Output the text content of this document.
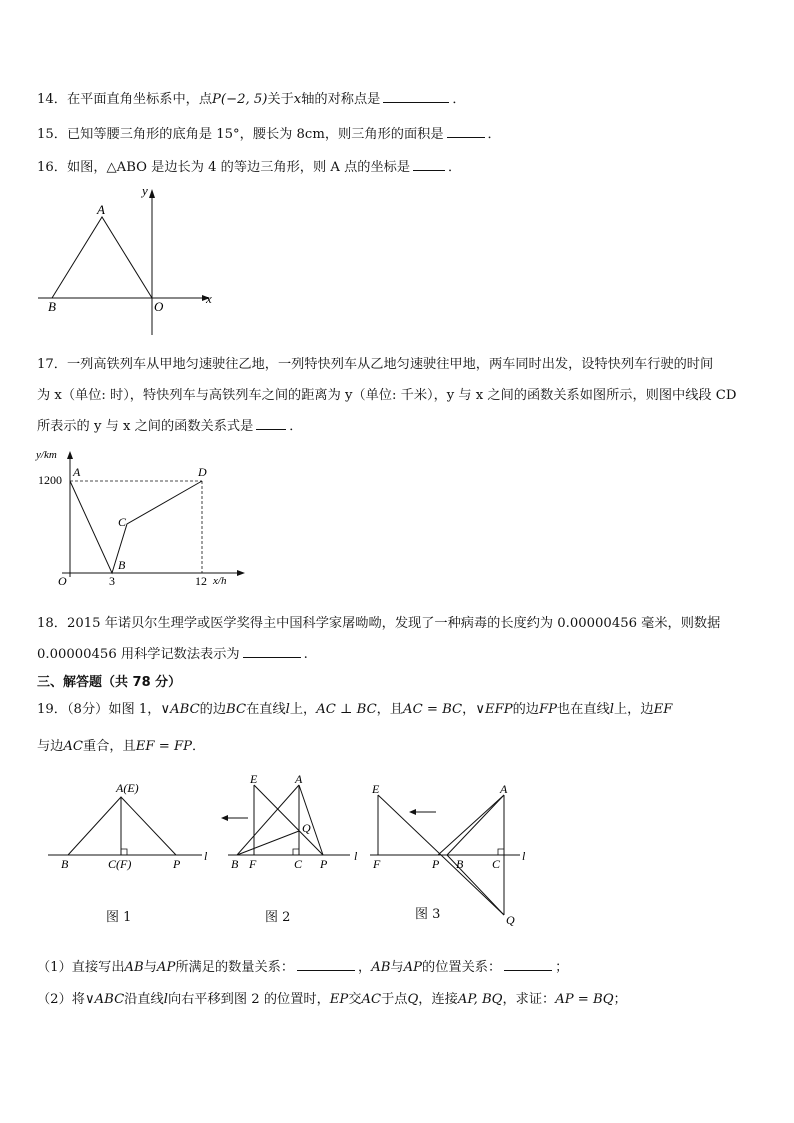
14．在平面直角坐标系中，点P(−2, 5)关于x轴的对称点是	．
15．已知等腰三角形的底角是 15°，腰长为 8cm，则三角形的面积是	．
16．如图，△ABO 是边长为 4 的等边三角形，则 A 点的坐标是	．
A
B	O
x
y
17．一列高铁列车从甲地匀速驶往乙地，一列特快列车从乙地匀速驶往甲地，两车同时出发，设特快列车行驶的时间
为 x（单位: 时），特快列车与高铁列车之间的距离为 y（单位: 千米），y 与 x 之间的函数关系如图所示，则图中线段 CD
所表示的 y 与 x 之间的函数关系式是	．
y/km
1200
A
B
C
D
O	3	12 x/h
18．2015 年诺贝尔生理学或医学奖得主中国科学家屠呦呦，发现了一种病毒的长度约为 0.00000456 毫米，则数据
0.00000456 用科学记数法表示为	.
三、解答题（共 78 分）
19．（8分）如图 1，∨ABC的边BC在直线l上，AC ⊥ BC，且AC = BC，∨EFP的边FP也在直线l上，边EF
与边AC重合，且EF = FP．
A(E)
B	C(F)	P
l
E	A
Q
B F	C P
l
E	A
F	P B C
Q
l
图 1	图 2	图 3
（1）直接写出AB与AP所满足的数量关系：	，AB与AP的位置关系：	；
（2）将∨ABC沿直线l向右平移到图 2 的位置时，EP交AC于点Q，连接AP, BQ，求证：AP = BQ；
